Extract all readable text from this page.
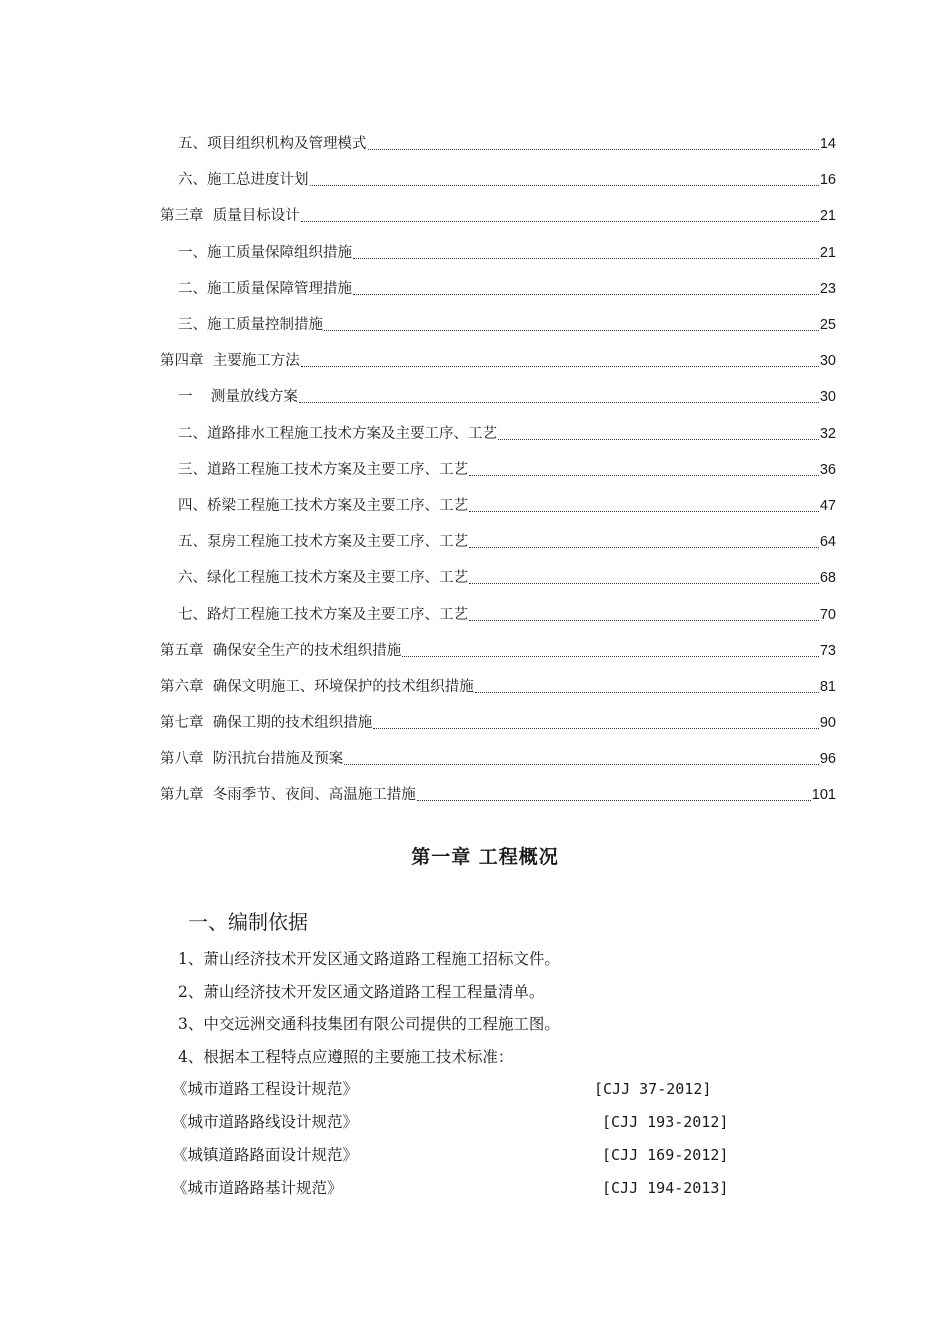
五、项目组织机构及管理模式	14
六、施工总进度计划	16
第三章  质量目标设计	21
一、施工质量保障组织措施	21
二、施工质量保障管理措施	23
三、施工质量控制措施	25
第四章  主要施工方法	30
一    测量放线方案	30
二、道路排水工程施工技术方案及主要工序、工艺	32
三、道路工程施工技术方案及主要工序、工艺	36
四、桥梁工程施工技术方案及主要工序、工艺	47
五、泵房工程施工技术方案及主要工序、工艺	64
六、绿化工程施工技术方案及主要工序、工艺	68
七、路灯工程施工技术方案及主要工序、工艺	70
第五章  确保安全生产的技术组织措施	73
第六章  确保文明施工、环境保护的技术组织措施	81
第七章  确保工期的技术组织措施	90
第八章  防汛抗台措施及预案	96
第九章  冬雨季节、夜间、高温施工措施	101
第一章 工程概况
一、编制依据
1、萧山经济技术开发区通文路道路工程施工招标文件。
2、萧山经济技术开发区通文路道路工程工程量清单。
3、中交远洲交通科技集团有限公司提供的工程施工图。
4、根据本工程特点应遵照的主要施工技术标准：
《城市道路工程设计规范》	[CJJ 37-2012]
《城市道路路线设计规范》	[CJJ 193-2012]
《城镇道路路面设计规范》	[CJJ 169-2012]
《城市道路路基计规范》	[CJJ 194-2013]
